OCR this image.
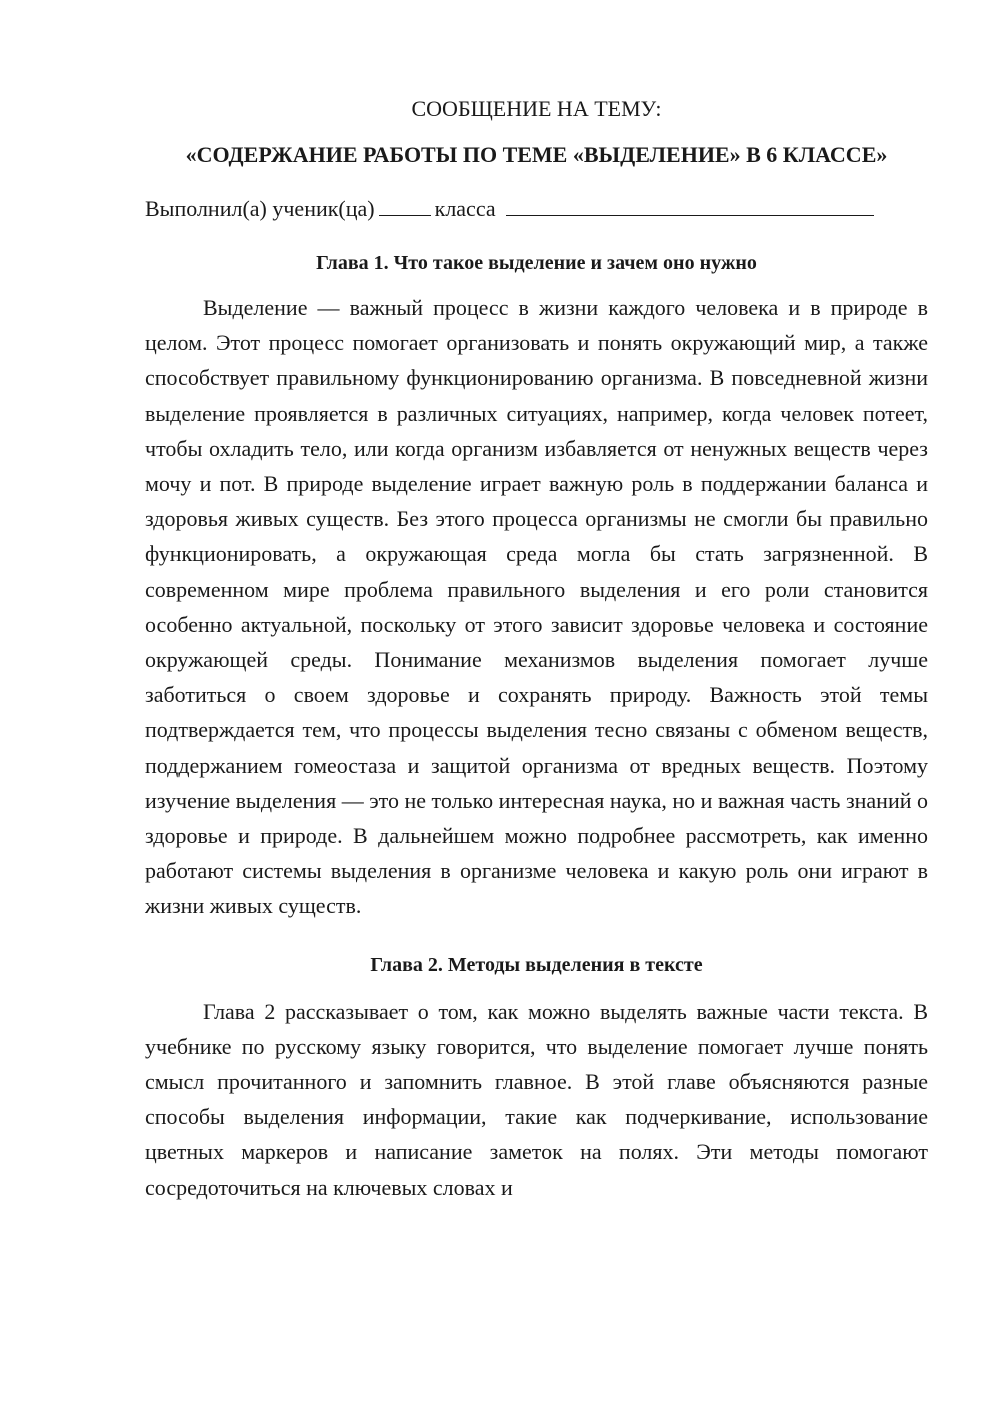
СООБЩЕНИЕ НА ТЕМУ:

«СОДЕРЖАНИЕ РАБОТЫ ПО ТЕМЕ «ВЫДЕЛЕНИЕ» В 6 КЛАССЕ»

Выполнил(а) ученик(ца)	класса
Глава 1. Что такое выделение и зачем оно нужно

Выделение — важный процесс в жизни каждого человека и в природе в целом. Этот процесс помогает организовать и понять окружающий мир, а также способствует правильному функционированию организма. В повседневной жизни выделение проявляется в различных ситуациях, например, когда человек потеет, чтобы охладить тело, или когда организм избавляется от ненужных веществ через мочу и пот. В природе выделение играет важную роль в поддержании баланса и здоровья живых существ. Без этого процесса организмы не смогли бы правильно функционировать, а окружающая среда могла бы стать загрязненной. В современном мире проблема правильного выделения и его роли становится особенно актуальной, поскольку от этого зависит здоровье человека и состояние окружающей среды. Понимание механизмов выделения помогает лучше заботиться о своем здоровье и сохранять природу. Важность этой темы подтверждается тем, что процессы выделения тесно связаны с обменом веществ, поддержанием гомеостаза и защитой организма от вредных веществ. Поэтому изучение выделения — это не только интересная наука, но и важная часть знаний о здоровье и природе. В дальнейшем можно подробнее рассмотреть, как именно работают системы выделения в организме человека и какую роль они играют в жизни живых существ.

Глава 2. Методы выделения в тексте

Глава 2 рассказывает о том, как можно выделять важные части текста. В учебнике по русскому языку говорится, что выделение помогает лучше понять смысл прочитанного и запомнить главное. В этой главе объясняются разные способы выделения информации, такие как подчеркивание, использование цветных маркеров и написание заметок на полях. Эти методы помогают сосредоточиться на ключевых словах и
